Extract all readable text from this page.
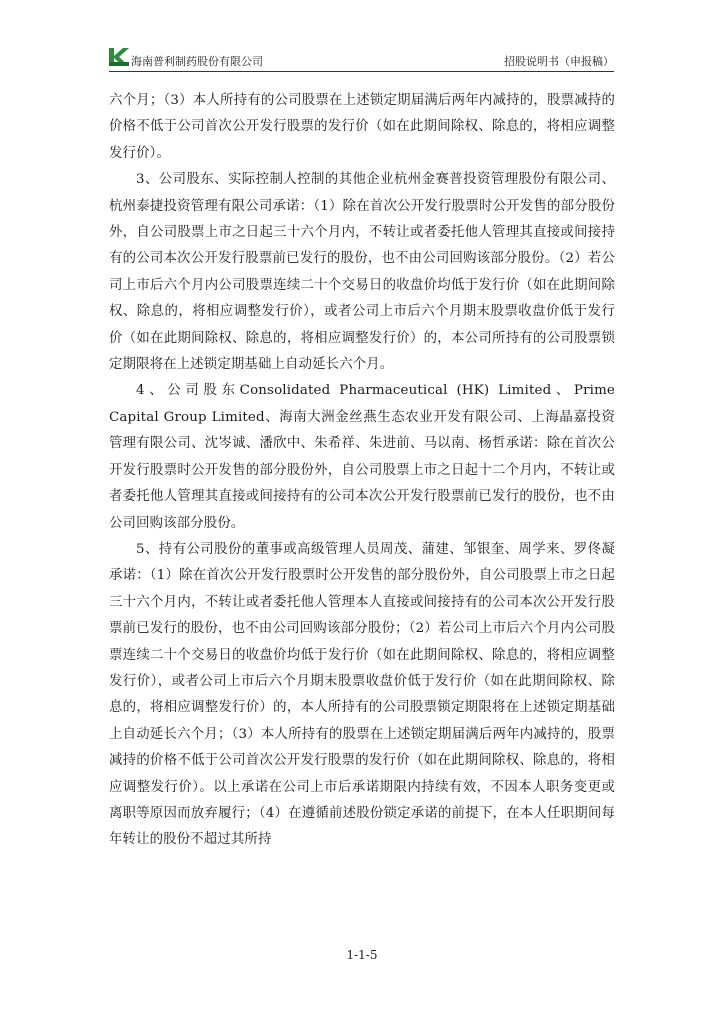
海南普利制药股份有限公司	招股说明书（申报稿）

六个月；（3）本人所持有的公司股票在上述锁定期届满后两年内减持的，股票减持的价格不低于公司首次公开发行股票的发行价（如在此期间除权、除息的，将相应调整发行价）。

3、公司股东、实际控制人控制的其他企业杭州金赛普投资管理股份有限公司、杭州泰捷投资管理有限公司承诺：（1）除在首次公开发行股票时公开发售的部分股份外，自公司股票上市之日起三十六个月内，不转让或者委托他人管理其直接或间接持有的公司本次公开发行股票前已发行的股份，也不由公司回购该部分股份。（2）若公司上市后六个月内公司股票连续二十个交易日的收盘价均低于发行价（如在此期间除权、除息的，将相应调整发行价），或者公司上市后六个月期末股票收盘价低于发行价（如在此期间除权、除息的，将相应调整发行价）的，本公司所持有的公司股票锁定期限将在上述锁定期基础上自动延长六个月。

4、公司股东Consolidated Pharmaceutical (HK) Limited、Prime Capital Group Limited、海南大洲金丝燕生态农业开发有限公司、上海晶嘉投资管理有限公司、沈岑诚、潘欣中、朱希祥、朱进前、马以南、杨哲承诺：除在首次公开发行股票时公开发售的部分股份外，自公司股票上市之日起十二个月内，不转让或者委托他人管理其直接或间接持有的公司本次公开发行股票前已发行的股份，也不由公司回购该部分股份。

5、持有公司股份的董事或高级管理人员周茂、蒲建、邹银奎、周学来、罗佟凝承诺：（1）除在首次公开发行股票时公开发售的部分股份外，自公司股票上市之日起三十六个月内，不转让或者委托他人管理本人直接或间接持有的公司本次公开发行股票前已发行的股份，也不由公司回购该部分股份；（2）若公司上市后六个月内公司股票连续二十个交易日的收盘价均低于发行价（如在此期间除权、除息的，将相应调整发行价），或者公司上市后六个月期末股票收盘价低于发行价（如在此期间除权、除息的，将相应调整发行价）的，本人所持有的公司股票锁定期限将在上述锁定期基础上自动延长六个月；（3）本人所持有的股票在上述锁定期届满后两年内减持的，股票减持的价格不低于公司首次公开发行股票的发行价（如在此期间除权、除息的，将相应调整发行价）。以上承诺在公司上市后承诺期限内持续有效，不因本人职务变更或离职等原因而放弃履行；（4）在遵循前述股份锁定承诺的前提下，在本人任职期间每年转让的股份不超过其所持

1-1-5
